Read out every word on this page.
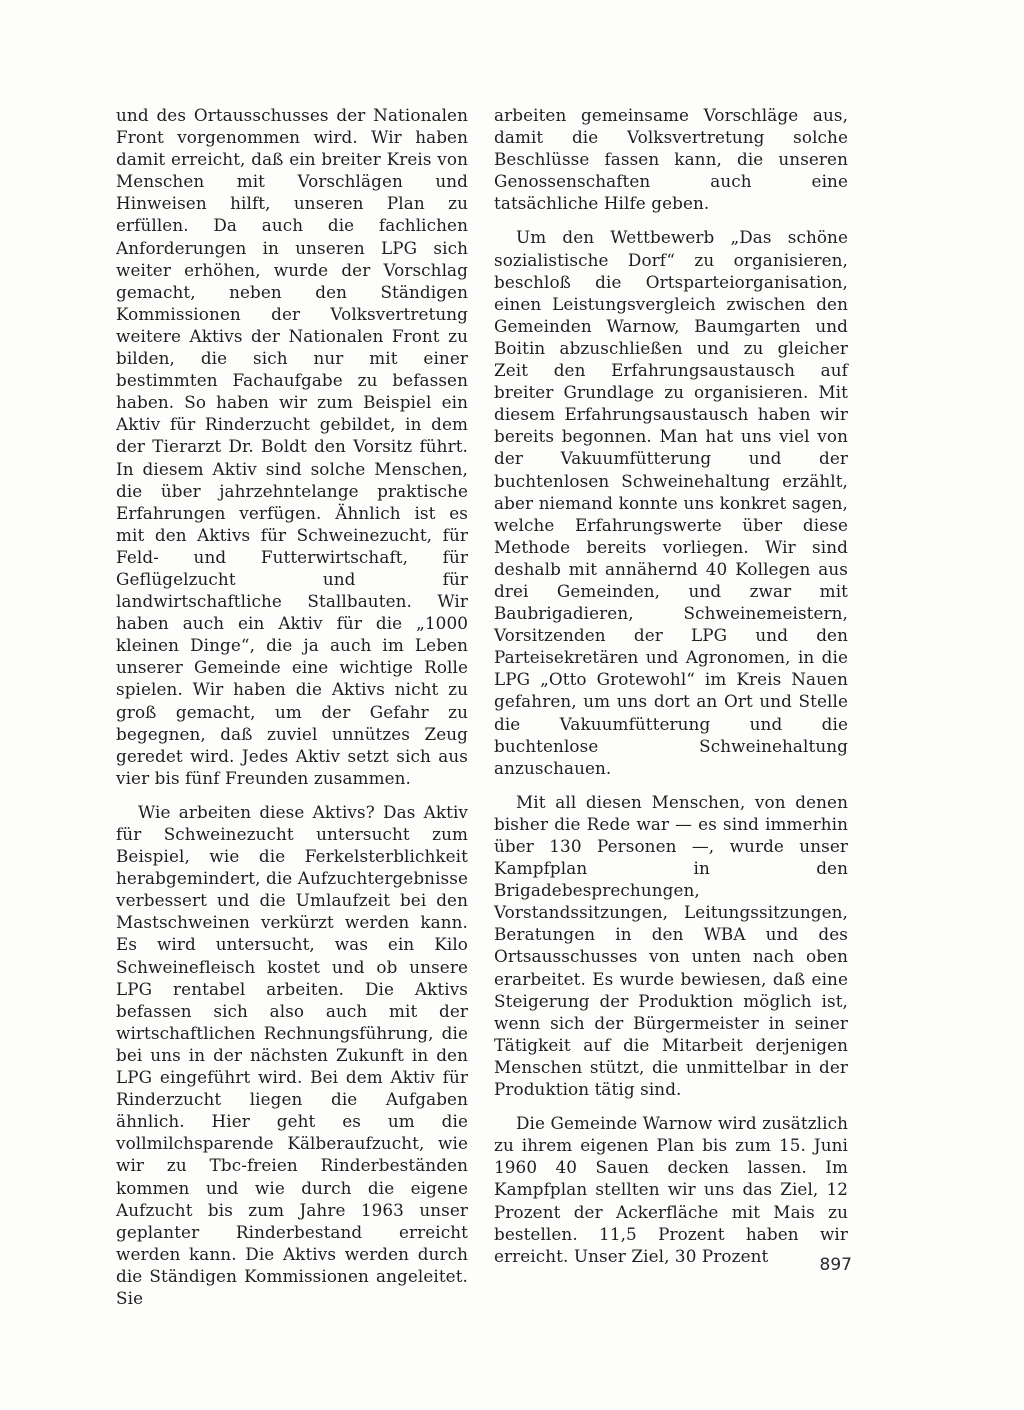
und des Ortausschusses der Nationalen Front vorgenommen wird. Wir haben damit erreicht, daß ein breiter Kreis von Menschen mit Vorschlägen und Hinweisen hilft, unseren Plan zu erfüllen. Da auch die fachlichen Anforderungen in unseren LPG sich weiter erhöhen, wurde der Vorschlag gemacht, neben den Ständigen Kommissionen der Volksvertretung weitere Aktivs der Nationalen Front zu bilden, die sich nur mit einer bestimmten Fachaufgabe zu befassen haben. So haben wir zum Beispiel ein Aktiv für Rinderzucht gebildet, in dem der Tierarzt Dr. Boldt den Vorsitz führt. In diesem Aktiv sind solche Menschen, die über jahrzehntelange praktische Erfahrungen verfügen. Ähnlich ist es mit den Aktivs für Schweinezucht, für Feld- und Futterwirtschaft, für Geflügelzucht und für landwirtschaftliche Stallbauten. Wir haben auch ein Aktiv für die „1000 kleinen Dinge“, die ja auch im Leben unserer Gemeinde eine wichtige Rolle spielen. Wir haben die Aktivs nicht zu groß gemacht, um der Gefahr zu begegnen, daß zuviel unnützes Zeug geredet wird. Jedes Aktiv setzt sich aus vier bis fünf Freunden zusammen.

Wie arbeiten diese Aktivs? Das Aktiv für Schweinezucht untersucht zum Beispiel, wie die Ferkelsterblichkeit herabgemindert, die Aufzuchtergebnisse verbessert und die Umlaufzeit bei den Mastschweinen verkürzt werden kann. Es wird untersucht, was ein Kilo Schweinefleisch kostet und ob unsere LPG rentabel arbeiten. Die Aktivs befassen sich also auch mit der wirtschaftlichen Rechnungsführung, die bei uns in der nächsten Zukunft in den LPG eingeführt wird. Bei dem Aktiv für Rinderzucht liegen die Aufgaben ähnlich. Hier geht es um die vollmilchsparende Kälberaufzucht, wie wir zu Tbc-freien Rinderbeständen kommen und wie durch die eigene Aufzucht bis zum Jahre 1963 unser geplanter Rinderbestand erreicht werden kann. Die Aktivs werden durch die Ständigen Kommissionen angeleitet. Sie

arbeiten gemeinsame Vorschläge aus, damit die Volksvertretung solche Beschlüsse fassen kann, die unseren Genossenschaften auch eine tatsächliche Hilfe geben.

Um den Wettbewerb „Das schöne sozialistische Dorf“ zu organisieren, beschloß die Ortsparteiorganisation, einen Leistungsvergleich zwischen den Gemeinden Warnow, Baumgarten und Boitin abzuschließen und zu gleicher Zeit den Erfahrungsaustausch auf breiter Grundlage zu organisieren. Mit diesem Erfahrungsaustausch haben wir bereits begonnen. Man hat uns viel von der Vakuumfütterung und der buchtenlosen Schweinehaltung erzählt, aber niemand konnte uns konkret sagen, welche Erfahrungswerte über diese Methode bereits vorliegen. Wir sind deshalb mit annähernd 40 Kollegen aus drei Gemeinden, und zwar mit Baubrigadieren, Schweinemeistern, Vorsitzenden der LPG und den Parteisekretären und Agronomen, in die LPG „Otto Grotewohl“ im Kreis Nauen gefahren, um uns dort an Ort und Stelle die Vakuumfütterung und die buchtenlose Schweinehaltung anzuschauen.

Mit all diesen Menschen, von denen bisher die Rede war — es sind immerhin über 130 Personen —, wurde unser Kampfplan in den Brigadebesprechungen, Vorstandssitzungen, Leitungssitzungen, Beratungen in den WBA und des Ortsausschusses von unten nach oben erarbeitet. Es wurde bewiesen, daß eine Steigerung der Produktion möglich ist, wenn sich der Bürgermeister in seiner Tätigkeit auf die Mitarbeit derjenigen Menschen stützt, die unmittelbar in der Produktion tätig sind.

Die Gemeinde Warnow wird zusätzlich zu ihrem eigenen Plan bis zum 15. Juni 1960 40 Sauen decken lassen. Im Kampfplan stellten wir uns das Ziel, 12 Prozent der Ackerfläche mit Mais zu bestellen. 11,5 Prozent haben wir erreicht. Unser Ziel, 30 Prozent	897
